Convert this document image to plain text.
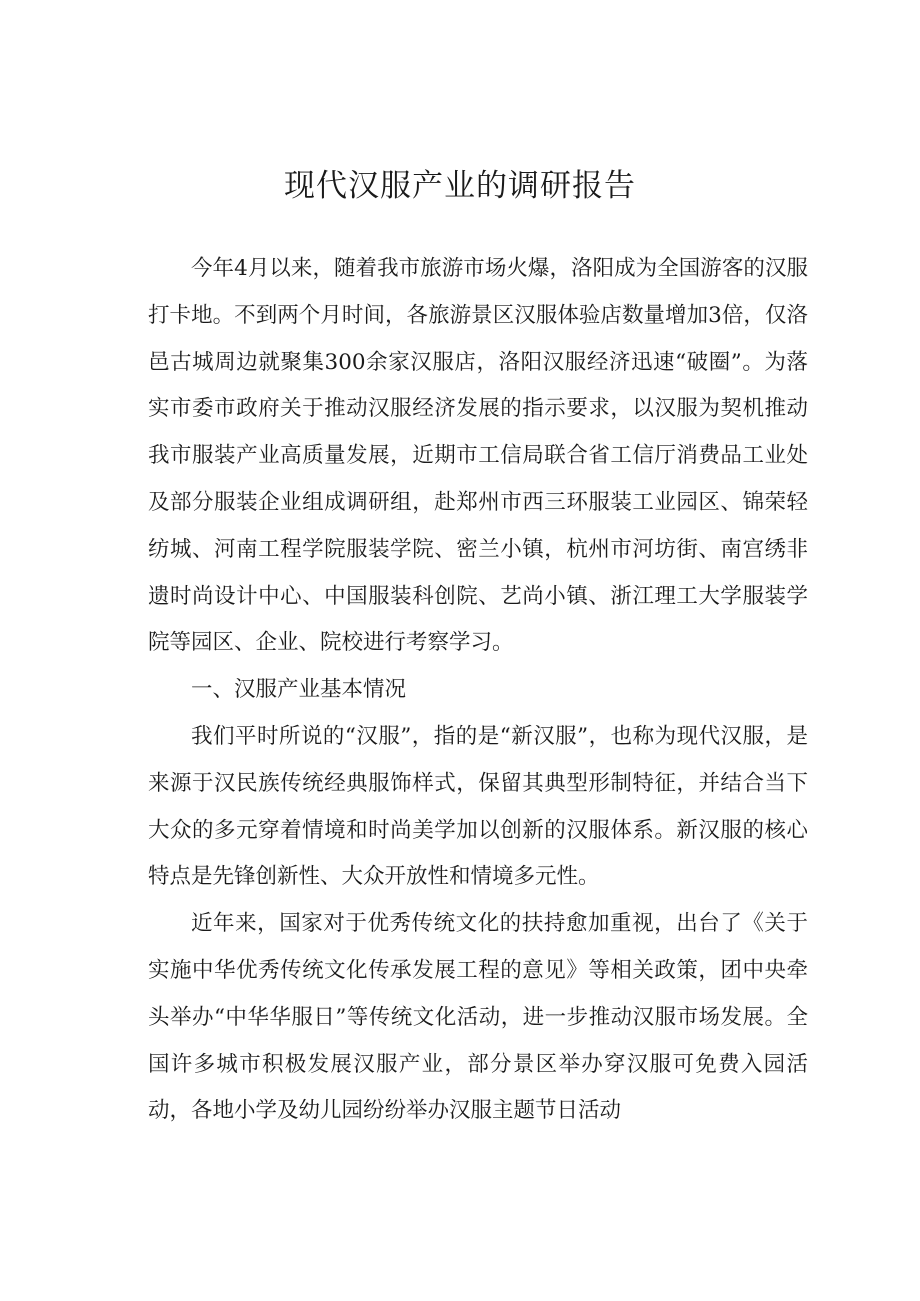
现代汉服产业的调研报告

今年4月以来，随着我市旅游市场火爆，洛阳成为全国游客的汉服打卡地。不到两个月时间，各旅游景区汉服体验店数量增加3倍，仅洛邑古城周边就聚集300余家汉服店，洛阳汉服经济迅速“破圈”。为落实市委市政府关于推动汉服经济发展的指示要求，以汉服为契机推动我市服装产业高质量发展，近期市工信局联合省工信厅消费品工业处及部分服装企业组成调研组，赴郑州市西三环服装工业园区、锦荣轻纺城、河南工程学院服装学院、密兰小镇，杭州市河坊街、南宫绣非遗时尚设计中心、中国服装科创院、艺尚小镇、浙江理工大学服装学院等园区、企业、院校进行考察学习。

一、汉服产业基本情况

我们平时所说的“汉服”，指的是“新汉服”，也称为现代汉服，是来源于汉民族传统经典服饰样式，保留其典型形制特征，并结合当下大众的多元穿着情境和时尚美学加以创新的汉服体系。新汉服的核心特点是先锋创新性、大众开放性和情境多元性。

近年来，国家对于优秀传统文化的扶持愈加重视，出台了《关于实施中华优秀传统文化传承发展工程的意见》等相关政策，团中央牵头举办“中华华服日”等传统文化活动，进一步推动汉服市场发展。全国许多城市积极发展汉服产业，部分景区举办穿汉服可免费入园活动，各地小学及幼儿园纷纷举办汉服主题节日活动
